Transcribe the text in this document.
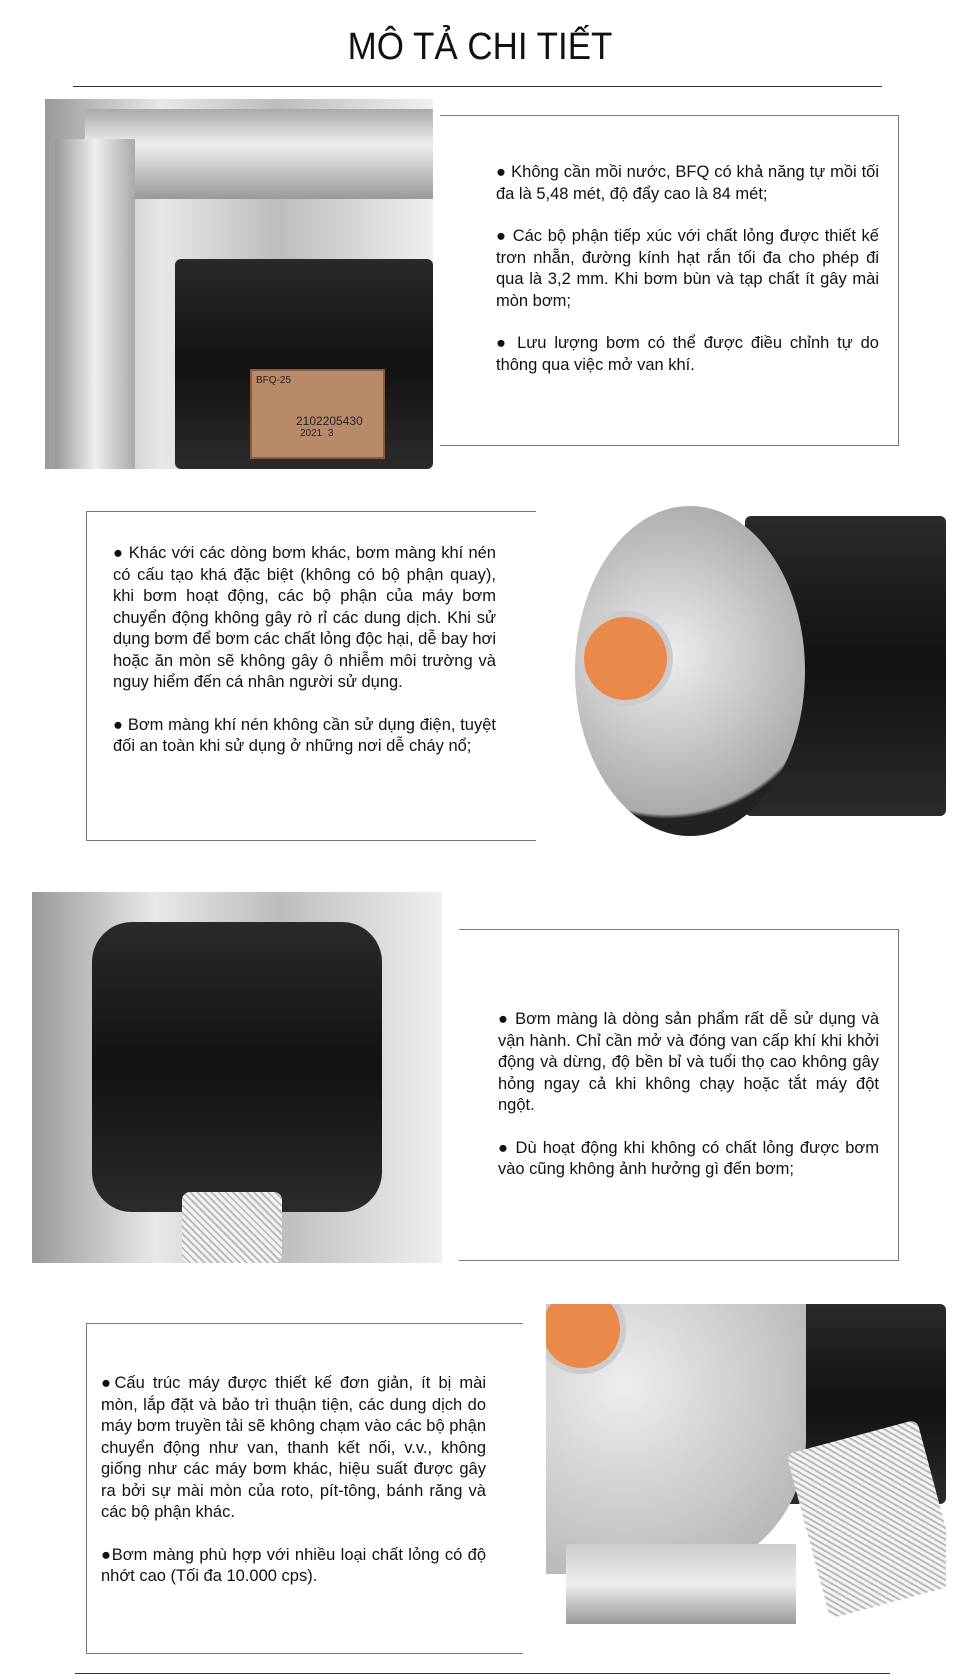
MÔ TẢ CHI TIẾT
BFQ-25
2102205430
2021 3

● Không cần mồi nước, BFQ có khả năng tự mồi tối đa là 5,48 mét, độ đẩy cao là 84 mét;

● Các bộ phận tiếp xúc với chất lỏng được thiết kế trơn nhẵn, đường kính hạt rắn tối đa cho phép đi qua là 3,2 mm. Khi bơm bùn và tạp chất ít gây mài mòn bơm;

● Lưu lượng bơm có thể được điều chỉnh tự do thông qua việc mở van khí.

● Khác với các dòng bơm khác, bơm màng khí nén có cấu tạo khá đặc biệt (không có bộ phận quay), khi bơm hoạt động, các bộ phận của máy bơm chuyển động không gây rò rỉ các dung dịch. Khi sử dụng bơm để bơm các chất lỏng độc hại, dễ bay hơi hoặc ăn mòn sẽ không gây ô nhiễm môi trường và nguy hiểm đến cá nhân người sử dụng.

● Bơm màng khí nén không cần sử dụng điện, tuyệt đối an toàn khi sử dụng ở những nơi dễ cháy nổ;

● Bơm màng là dòng sản phẩm rất dễ sử dụng và vận hành. Chỉ cần mở và đóng van cấp khí khi khởi động và dừng, độ bền bỉ và tuổi thọ cao không gây hỏng ngay cả khi không chạy hoặc tắt máy đột ngột.

● Dù hoạt động khi không có chất lỏng được bơm vào cũng không ảnh hưởng gì đến bơm;

●Cấu trúc máy được thiết kế đơn giản, ít bị mài mòn, lắp đặt và bảo trì thuận tiện, các dung dịch do máy bơm truyền tải sẽ không chạm vào các bộ phận chuyển động như van, thanh kết nối, v.v., không giống như các máy bơm khác, hiệu suất được gây ra bởi sự mài mòn của roto, pít-tông, bánh răng và các bộ phận khác.

●Bơm màng phù hợp với nhiều loại chất lỏng có độ nhớt cao (Tối đa 10.000 cps).
